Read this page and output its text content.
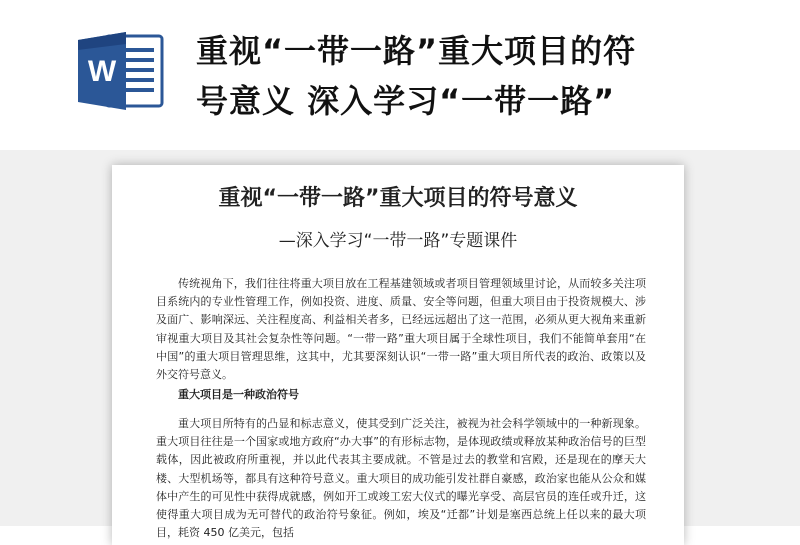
W
重视“一带一路”重大项目的符
号意义 深入学习“一带一路”
重视“一带一路”重大项目的符号意义
—深入学习“一带一路”专题课件

传统视角下，我们往往将重大项目放在工程基建领域或者项目管理领域里讨论，从而较多关注项目系统内的专业性管理工作，例如投资、进度、质量、安全等问题，但重大项目由于投资规模大、涉及面广、影响深远、关注程度高、利益相关者多，已经远远超出了这一范围，必须从更大视角来重新审视重大项目及其社会复杂性等问题。“一带一路”重大项目属于全球性项目，我们不能简单套用“在中国”的重大项目管理思维，这其中，尤其要深刻认识“一带一路”重大项目所代表的政治、政策以及外交符号意义。

重大项目是一种政治符号

重大项目所特有的凸显和标志意义，使其受到广泛关注，被视为社会科学领域中的一种新现象。重大项目往往是一个国家或地方政府“办大事”的有形标志物，是体现政绩或释放某种政治信号的巨型载体，因此被政府所重视，并以此代表其主要成就。不管是过去的教堂和宫殿，还是现在的摩天大楼、大型机场等，都具有这种符号意义。重大项目的成功能引发社群自豪感，政治家也能从公众和媒体中产生的可见性中获得成就感，例如开工或竣工宏大仪式的曝光享受、高层官员的连任或升迁，这使得重大项目成为无可替代的政治符号象征。例如，埃及“迁都”计划是塞西总统上任以来的最大项目，耗资 450 亿美元，包括
